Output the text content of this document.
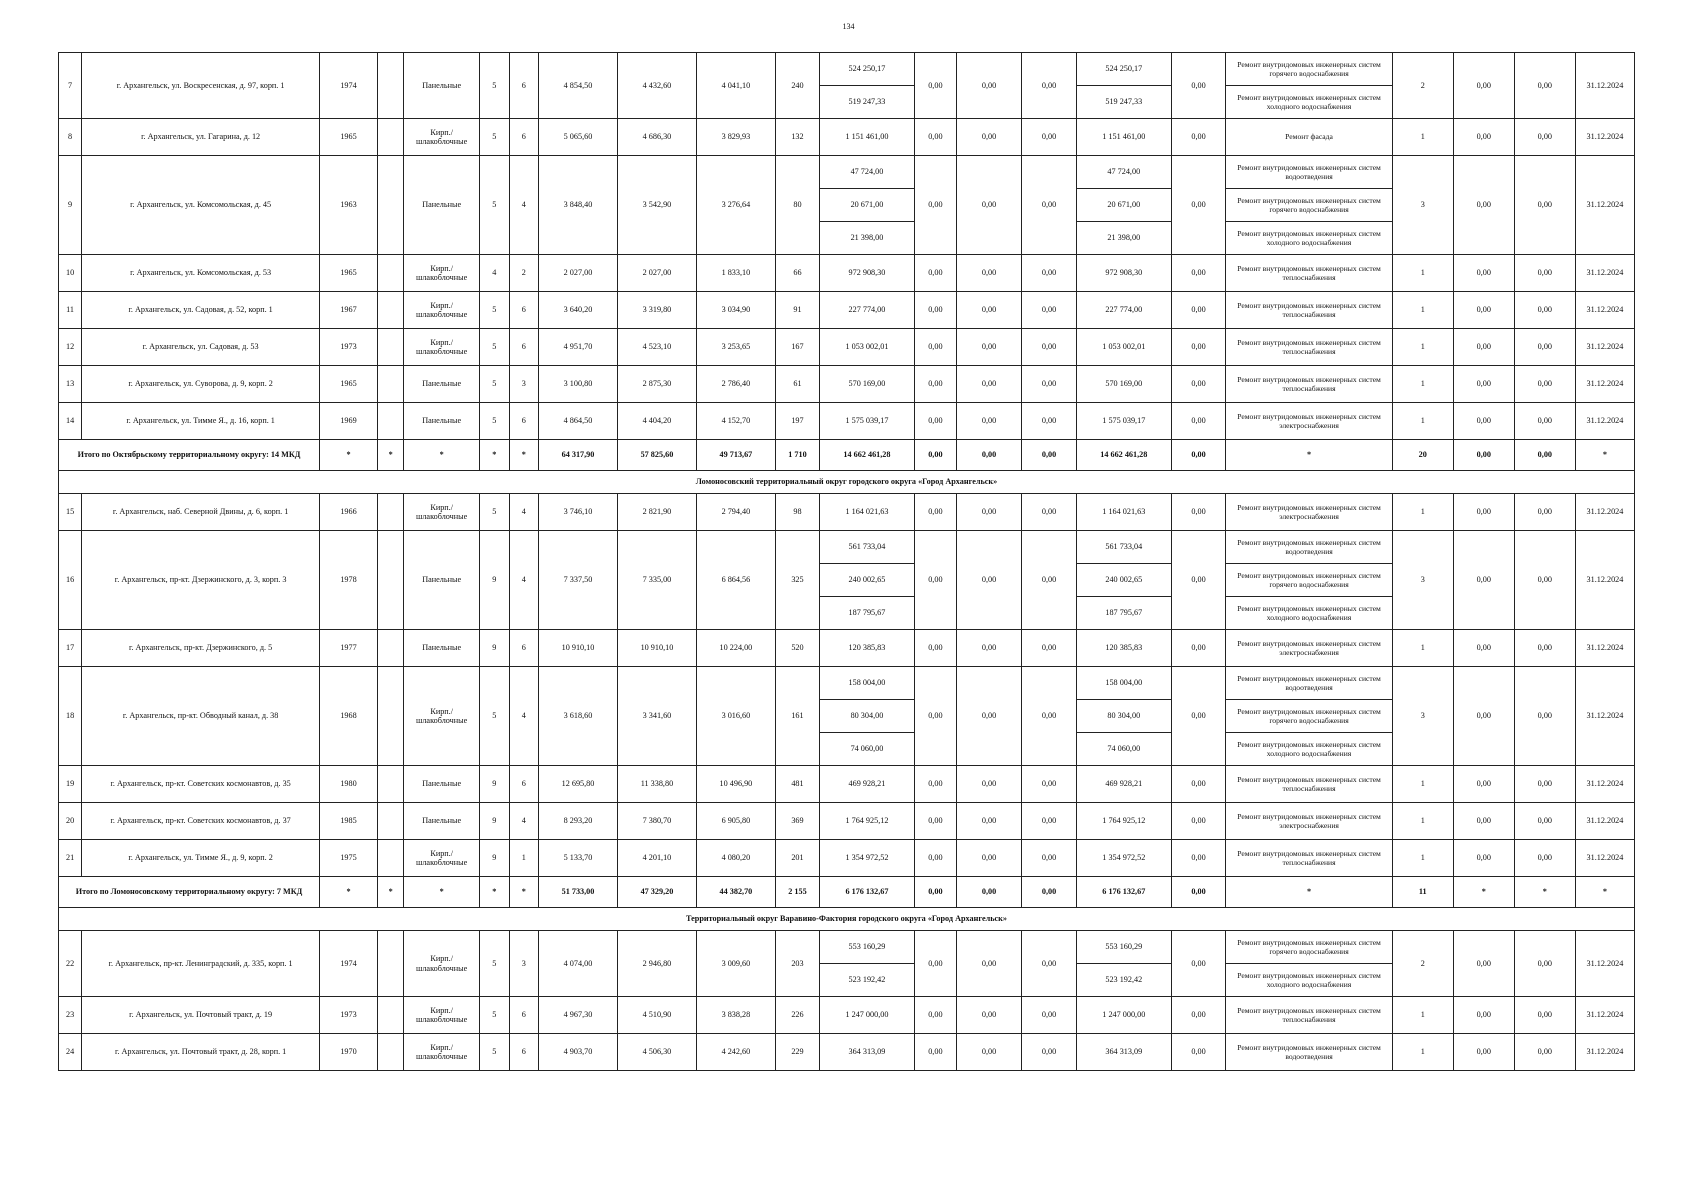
134
7	г. Архангельск, ул. Воскресенская, д. 97, корп. 1	1974		Панельные	5	6	4 854,50	4 432,60	4 041,10	240	524 250,17	0,00	0,00	0,00	524 250,17	0,00	Ремонт внутридомовых инженерных систем горячего водоснабжения	2	0,00	0,00	31.12.2024
											519 247,33				519 247,33		Ремонт внутридомовых инженерных систем холодного водоснабжения				
8	г. Архангельск, ул. Гагарина, д. 12	1965		Кирп./ шлакоблочные	5	6	5 065,60	4 686,30	3 829,93	132	1 151 461,00	0,00	0,00	0,00	1 151 461,00	0,00	Ремонт фасада	1	0,00	0,00	31.12.2024
9	г. Архангельск, ул. Комсомольская, д. 45	1963		Панельные	5	4	3 848,40	3 542,90	3 276,64	80	47 724,00	0,00	0,00	0,00	47 724,00	0,00	Ремонт внутридомовых инженерных систем водоотведения	3	0,00	0,00	31.12.2024
											20 671,00				20 671,00		Ремонт внутридомовых инженерных систем горячего водоснабжения				
											21 398,00				21 398,00		Ремонт внутридомовых инженерных систем холодного водоснабжения				
10	г. Архангельск, ул. Комсомольская, д. 53	1965		Кирп./ шлакоблочные	4	2	2 027,00	2 027,00	1 833,10	66	972 908,30	0,00	0,00	0,00	972 908,30	0,00	Ремонт внутридомовых инженерных систем теплоснабжения	1	0,00	0,00	31.12.2024
11	г. Архангельск, ул. Садовая, д. 52, корп. 1	1967		Кирп./ шлакоблочные	5	6	3 640,20	3 319,80	3 034,90	91	227 774,00	0,00	0,00	0,00	227 774,00	0,00	Ремонт внутридомовых инженерных систем теплоснабжения	1	0,00	0,00	31.12.2024
12	г. Архангельск, ул. Садовая, д. 53	1973		Кирп./ шлакоблочные	5	6	4 951,70	4 523,10	3 253,65	167	1 053 002,01	0,00	0,00	0,00	1 053 002,01	0,00	Ремонт внутридомовых инженерных систем теплоснабжения	1	0,00	0,00	31.12.2024
13	г. Архангельск, ул. Суворова, д. 9, корп. 2	1965		Панельные	5	3	3 100,80	2 875,30	2 786,40	61	570 169,00	0,00	0,00	0,00	570 169,00	0,00	Ремонт внутридомовых инженерных систем теплоснабжения	1	0,00	0,00	31.12.2024
14	г. Архангельск, ул. Тимме Я., д. 16, корп. 1	1969		Панельные	5	6	4 864,50	4 404,20	4 152,70	197	1 575 039,17	0,00	0,00	0,00	1 575 039,17	0,00	Ремонт внутридомовых инженерных систем электроснабжения	1	0,00	0,00	31.12.2024
Итого по Октябрьскому территориальному округу: 14 МКД		*	*	*	*	*	64 317,90	57 825,60	49 713,67	1 710	14 662 461,28	0,00	0,00	0,00	14 662 461,28	0,00	*	20	0,00	0,00	*
Ломоносовский территориальный округ городского округа «Город Архангельск»																					
15	г. Архангельск, наб. Северной Двины, д. 6, корп. 1	1966		Кирп./ шлакоблочные	5	4	3 746,10	2 821,90	2 794,40	98	1 164 021,63	0,00	0,00	0,00	1 164 021,63	0,00	Ремонт внутридомовых инженерных систем электроснабжения	1	0,00	0,00	31.12.2024
16	г. Архангельск, пр-кт. Дзержинского, д. 3, корп. 3	1978		Панельные	9	4	7 337,50	7 335,00	6 864,56	325	561 733,04	0,00	0,00	0,00	561 733,04	0,00	Ремонт внутридомовых инженерных систем водоотведения	3	0,00	0,00	31.12.2024
											240 002,65				240 002,65		Ремонт внутридомовых инженерных систем горячего водоснабжения				
											187 795,67				187 795,67		Ремонт внутридомовых инженерных систем холодного водоснабжения				
17	г. Архангельск, пр-кт. Дзержинского, д. 5	1977		Панельные	9	6	10 910,10	10 910,10	10 224,00	520	120 385,83	0,00	0,00	0,00	120 385,83	0,00	Ремонт внутридомовых инженерных систем электроснабжения	1	0,00	0,00	31.12.2024
18	г. Архангельск, пр-кт. Обводный канал, д. 38	1968		Кирп./ шлакоблочные	5	4	3 618,60	3 341,60	3 016,60	161	158 004,00	0,00	0,00	0,00	158 004,00	0,00	Ремонт внутридомовых инженерных систем водоотведения	3	0,00	0,00	31.12.2024
											80 304,00				80 304,00		Ремонт внутридомовых инженерных систем горячего водоснабжения				
											74 060,00				74 060,00		Ремонт внутридомовых инженерных систем холодного водоснабжения				
19	г. Архангельск, пр-кт. Советских космонавтов, д. 35	1980		Панельные	9	6	12 695,80	11 338,80	10 496,90	481	469 928,21	0,00	0,00	0,00	469 928,21	0,00	Ремонт внутридомовых инженерных систем теплоснабжения	1	0,00	0,00	31.12.2024
20	г. Архангельск, пр-кт. Советских космонавтов, д. 37	1985		Панельные	9	4	8 293,20	7 380,70	6 905,80	369	1 764 925,12	0,00	0,00	0,00	1 764 925,12	0,00	Ремонт внутридомовых инженерных систем электроснабжения	1	0,00	0,00	31.12.2024
21	г. Архангельск, ул. Тимме Я., д. 9, корп. 2	1975		Кирп./ шлакоблочные	9	1	5 133,70	4 201,10	4 080,20	201	1 354 972,52	0,00	0,00	0,00	1 354 972,52	0,00	Ремонт внутридомовых инженерных систем теплоснабжения	1	0,00	0,00	31.12.2024
Итого по Ломоносовскому территориальному округу: 7 МКД		*	*	*	*	*	51 733,00	47 329,20	44 382,70	2 155	6 176 132,67	0,00	0,00	0,00	6 176 132,67	0,00	*	11	*	*	*
Территориальный округ Варавино-Фактория городского округа «Город Архангельск»																					
22	г. Архангельск, пр-кт. Ленинградский, д. 335, корп. 1	1974		Кирп./ шлакоблочные	5	3	4 074,00	2 946,80	3 009,60	203	553 160,29	0,00	0,00	0,00	553 160,29	0,00	Ремонт внутридомовых инженерных систем горячего водоснабжения	2	0,00	0,00	31.12.2024
											523 192,42				523 192,42		Ремонт внутридомовых инженерных систем холодного водоснабжения				
23	г. Архангельск, ул. Почтовый тракт, д. 19	1973		Кирп./ шлакоблочные	5	6	4 967,30	4 510,90	3 838,28	226	1 247 000,00	0,00	0,00	0,00	1 247 000,00	0,00	Ремонт внутридомовых инженерных систем теплоснабжения	1	0,00	0,00	31.12.2024
24	г. Архангельск, ул. Почтовый тракт, д. 28, корп. 1	1970		Кирп./ шлакоблочные	5	6	4 903,70	4 506,30	4 242,60	229	364 313,09	0,00	0,00	0,00	364 313,09	0,00	Ремонт внутридомовых инженерных систем водоотведения	1	0,00	0,00	31.12.2024
